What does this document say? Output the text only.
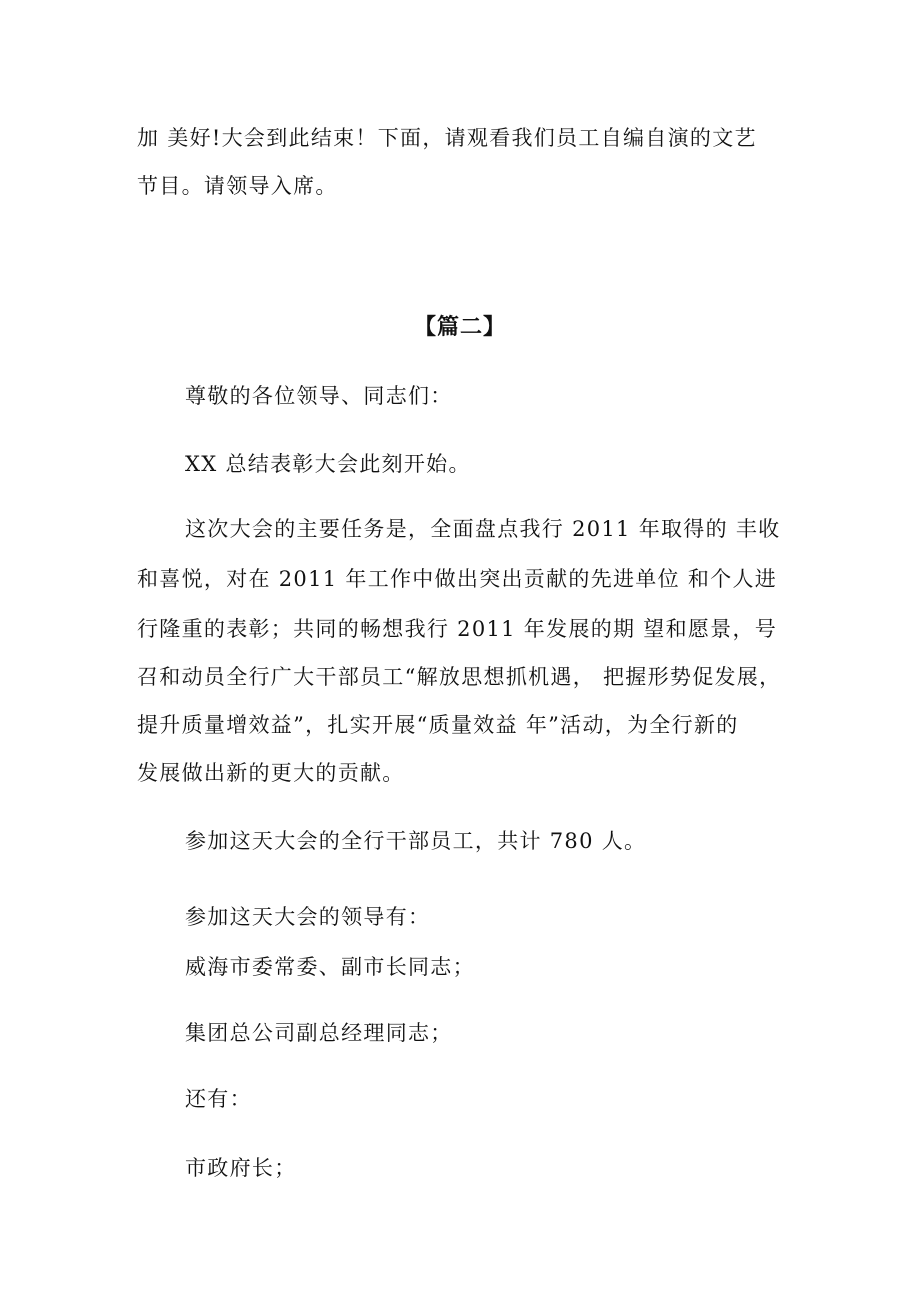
加 美好!大会到此结束！下面，请观看我们员工自编自演的文艺
节目。请领导入席。
【篇二】
尊敬的各位领导、同志们：
XX 总结表彰大会此刻开始。
这次大会的主要任务是，全面盘点我行 2011 年取得的 丰收
和喜悦，对在 2011 年工作中做出突出贡献的先进单位 和个人进
行隆重的表彰；共同的畅想我行 2011 年发展的期 望和愿景，号
召和动员全行广大干部员工“解放思想抓机遇， 把握形势促发展，
提升质量增效益”，扎实开展“质量效益 年”活动，为全行新的
发展做出新的更大的贡献。
参加这天大会的全行干部员工，共计 780 人。
参加这天大会的领导有：
威海市委常委、副市长同志；
集团总公司副总经理同志；
还有：
市政府长；
